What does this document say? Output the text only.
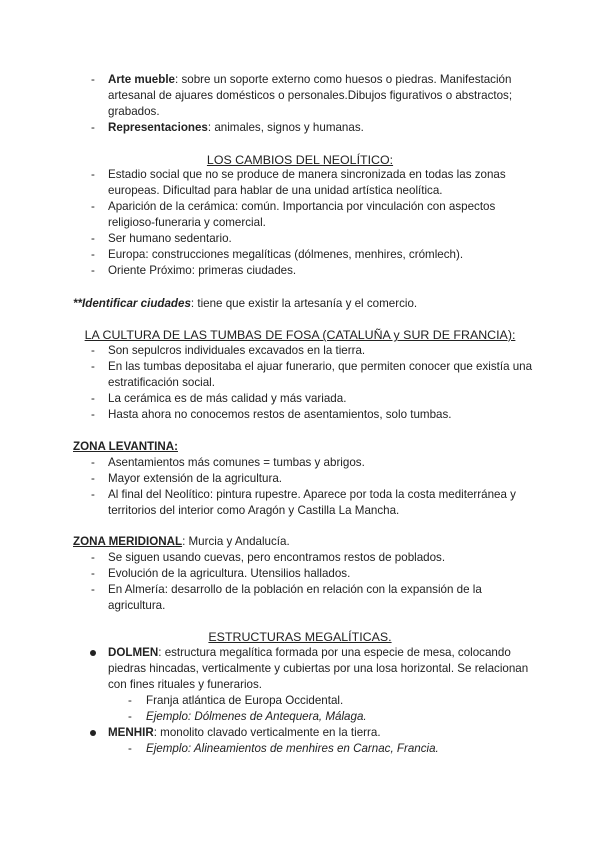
- Arte mueble: sobre un soporte externo como huesos o piedras. Manifestación artesanal de ajuares domésticos o personales.Dibujos figurativos o abstractos; grabados.
- Representaciones: animales, signos y humanas.
LOS CAMBIOS DEL NEOLÍTICO:
- Estadio social que no se produce de manera sincronizada en todas las zonas europeas. Dificultad para hablar de una unidad artística neolítica.
- Aparición de la cerámica: común. Importancia por vinculación con aspectos religioso-funeraria y comercial.
- Ser humano sedentario.
- Europa: construcciones megalíticas (dólmenes, menhires, crómlech).
- Oriente Próximo: primeras ciudades.
**Identificar ciudades: tiene que existir la artesanía y el comercio.
LA CULTURA DE LAS TUMBAS DE FOSA (CATALUÑA y SUR DE FRANCIA):
- Son sepulcros individuales excavados en la tierra.
- En las tumbas depositaba el ajuar funerario, que permiten conocer que existía una estratificación social.
- La cerámica es de más calidad y más variada.
- Hasta ahora no conocemos restos de asentamientos, solo tumbas.
ZONA LEVANTINA:
- Asentamientos más comunes = tumbas y abrigos.
- Mayor extensión de la agricultura.
- Al final del Neolítico: pintura rupestre. Aparece por toda la costa mediterránea y territorios del interior como Aragón y Castilla La Mancha.
ZONA MERIDIONAL: Murcia y Andalucía.
- Se siguen usando cuevas, pero encontramos restos de poblados.
- Evolución de la agricultura. Utensilios hallados.
- En Almería: desarrollo de la población en relación con la expansión de la agricultura.
ESTRUCTURAS MEGALÍTICAS.
DOLMEN: estructura megalítica formada por una especie de mesa, colocando piedras hincadas, verticalmente y cubiertas por una losa horizontal. Se relacionan con fines rituales y funerarios.
- Franja atlántica de Europa Occidental.
- Ejemplo: Dólmenes de Antequera, Málaga.
MENHIR: monolito clavado verticalmente en la tierra.
- Ejemplo: Alineamientos de menhires en Carnac, Francia.
